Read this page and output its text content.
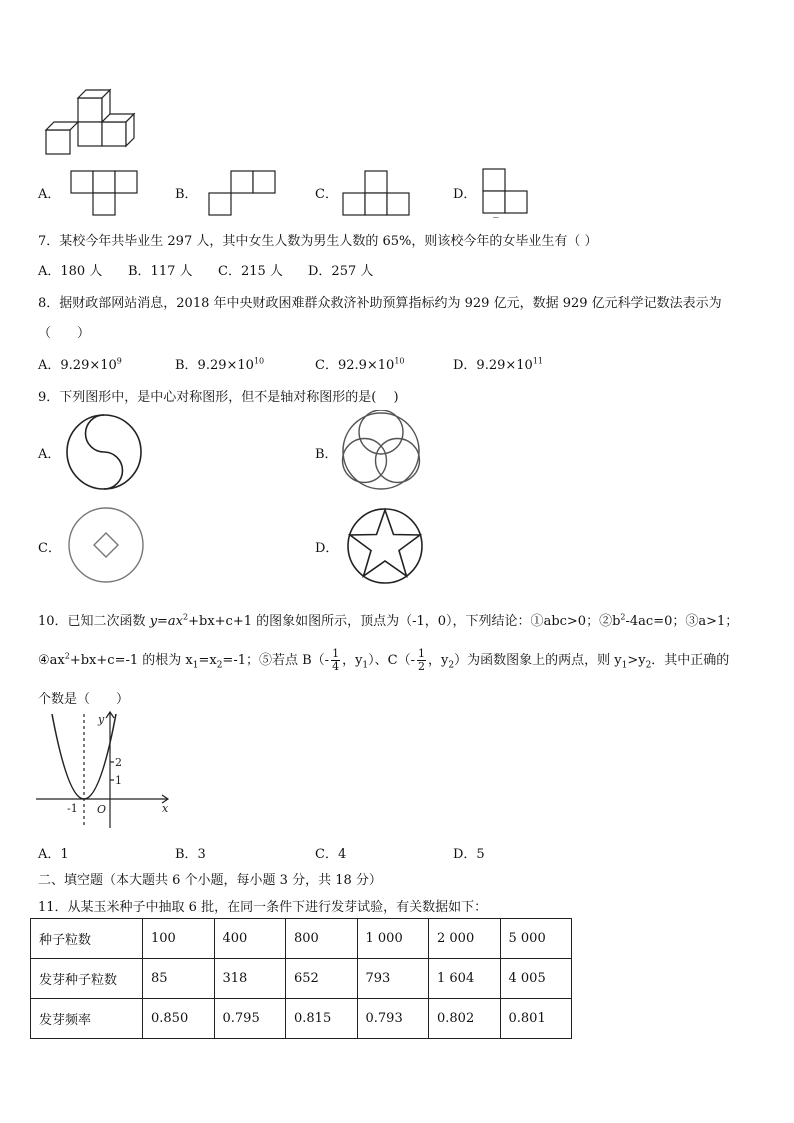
A．	B．	C．	D．
_
7．某校今年共毕业生 297 人，其中女生人数为男生人数的 65%，则该校今年的女毕业生有（ ）
A．180 人 B．117 人 C．215 人 D．257 人
8．据财政部网站消息，2018 年中央财政困难群众救济补助预算指标约为 929 亿元，数据 929 亿元科学记数法表示为
（　　）
A．$9.29\times 10^9$	B．$9.29\times 10^{10}$	C．$92.9\times 10^{10}$	D．$9.29\times 10^{11}$
9．下列图形中，是中心对称图形，但不是轴对称图形的是(　 )
A．	B．
C．	D．
10．已知二次函数 $y=ax^2+bx+c+1$ 的图象如图所示，顶点为（-1，0），下列结论：①abc>0；$②b^2-4ac=0$；③a>1；
$④ax^2+bx+c=-1$ 的根为 $x_1=x_2=-1$；⑤若点 $B(- \frac{1}{4}$ ，$y_1$）、$C(- \frac{1}{2}$ ，$y_2$）为函数图象上的两点，则 $y_1>y_2$．其中正确的
个数是（　　）
y
x
O
2
1
-1
A．1	B．3	C．4	D．5
二、填空题（本大题共 6 个小题，每小题 3 分，共 18 分）
11．从某玉米种子中抽取 6 批，在同一条件下进行发芽试验，有关数据如下：
种子粒数	100	400	800	1 000	2 000	5 000
发芽种子粒数	85	318	652	793	1 604	4 005
发芽频率	0.850	0.795	0.815	0.793	0.802	0.801
